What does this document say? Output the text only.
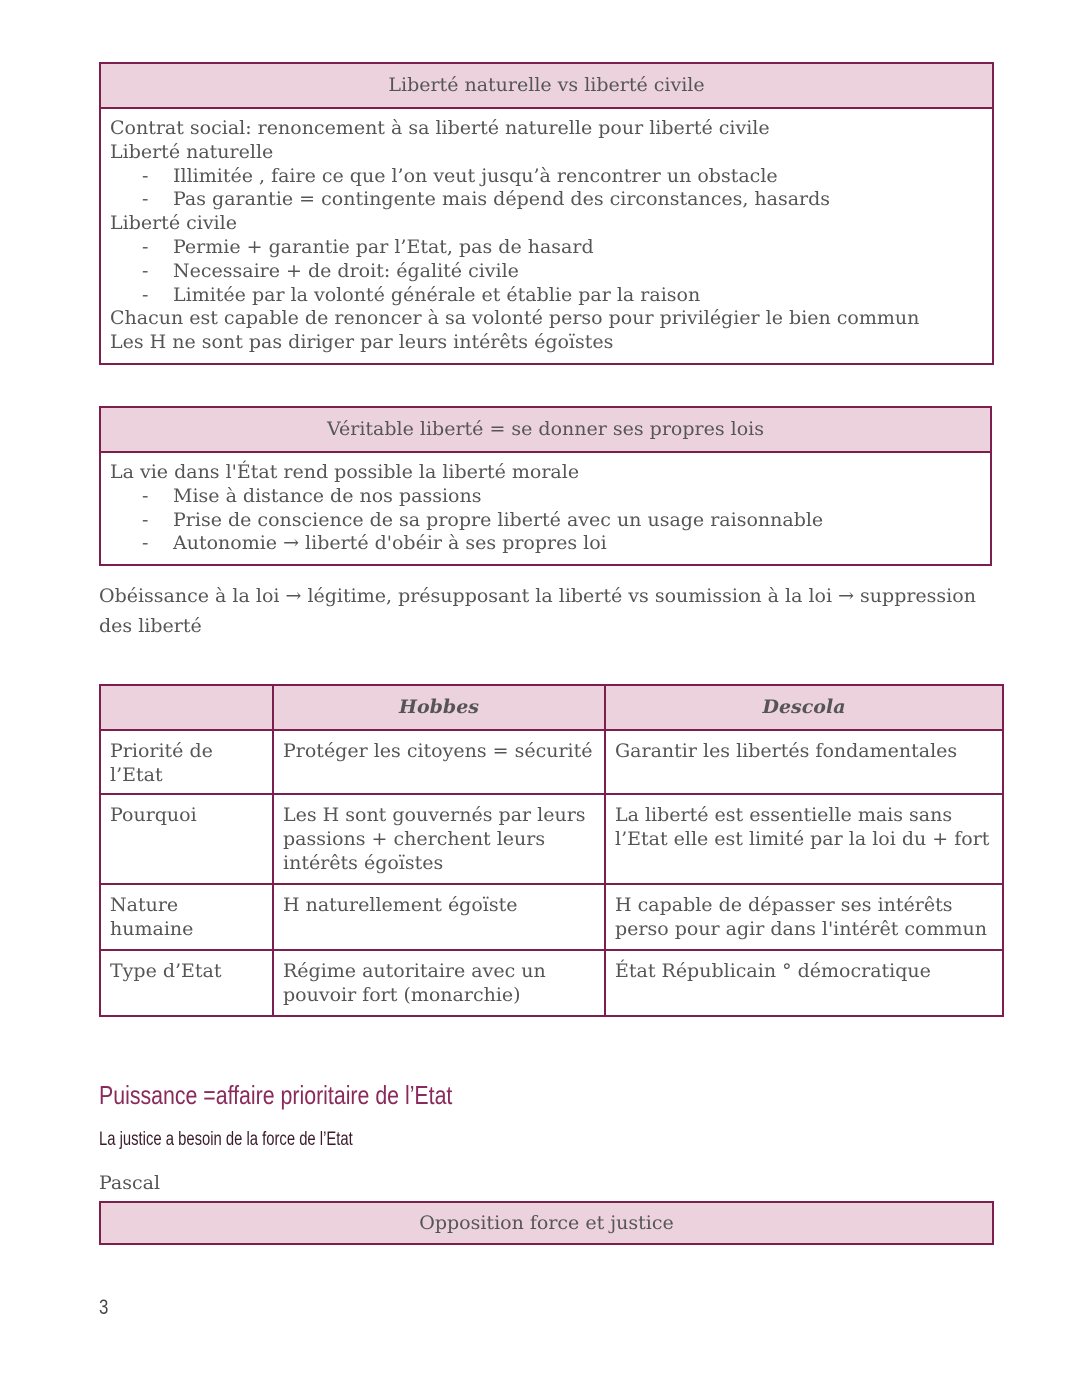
Liberté naturelle vs liberté civile
Contrat social: renoncement à sa liberté naturelle pour liberté civile
Liberté naturelle
- Illimitée , faire ce que l’on veut jusqu’à rencontrer un obstacle
- Pas garantie = contingente mais dépend des circonstances, hasards
Liberté civile
- Permie + garantie par l’Etat, pas de hasard
- Necessaire + de droit: égalité civile
- Limitée par la volonté générale et établie par la raison
Chacun est capable de renoncer à sa volonté perso pour privilégier le bien commun
Les H ne sont pas diriger par leurs intérêts égoïstes
Véritable liberté = se donner ses propres lois
La vie dans l'État rend possible la liberté morale
- Mise à distance de nos passions
- Prise de conscience de sa propre liberté avec un usage raisonnable
- Autonomie → liberté d'obéir à ses propres loi
Obéissance à la loi → légitime, présupposant la liberté vs soumission à la loi → suppression des liberté
	Hobbes	Descola
Priorité de l’Etat	Protéger les citoyens = sécurité	Garantir les libertés fondamentales
Pourquoi	Les H sont gouvernés par leurs passions + cherchent leurs intérêts égoïstes	La liberté est essentielle mais sans l’Etat elle est limité par la loi du + fort
Nature humaine	H naturellement égoïste	H capable de dépasser ses intérêts perso pour agir dans l'intérêt commun
Type d’Etat	Régime autoritaire avec un pouvoir fort (monarchie)	État Républicain ° démocratique
Puissance =affaire prioritaire de l’Etat
La justice a besoin de la force de l’Etat
Pascal
Opposition force et justice
3
